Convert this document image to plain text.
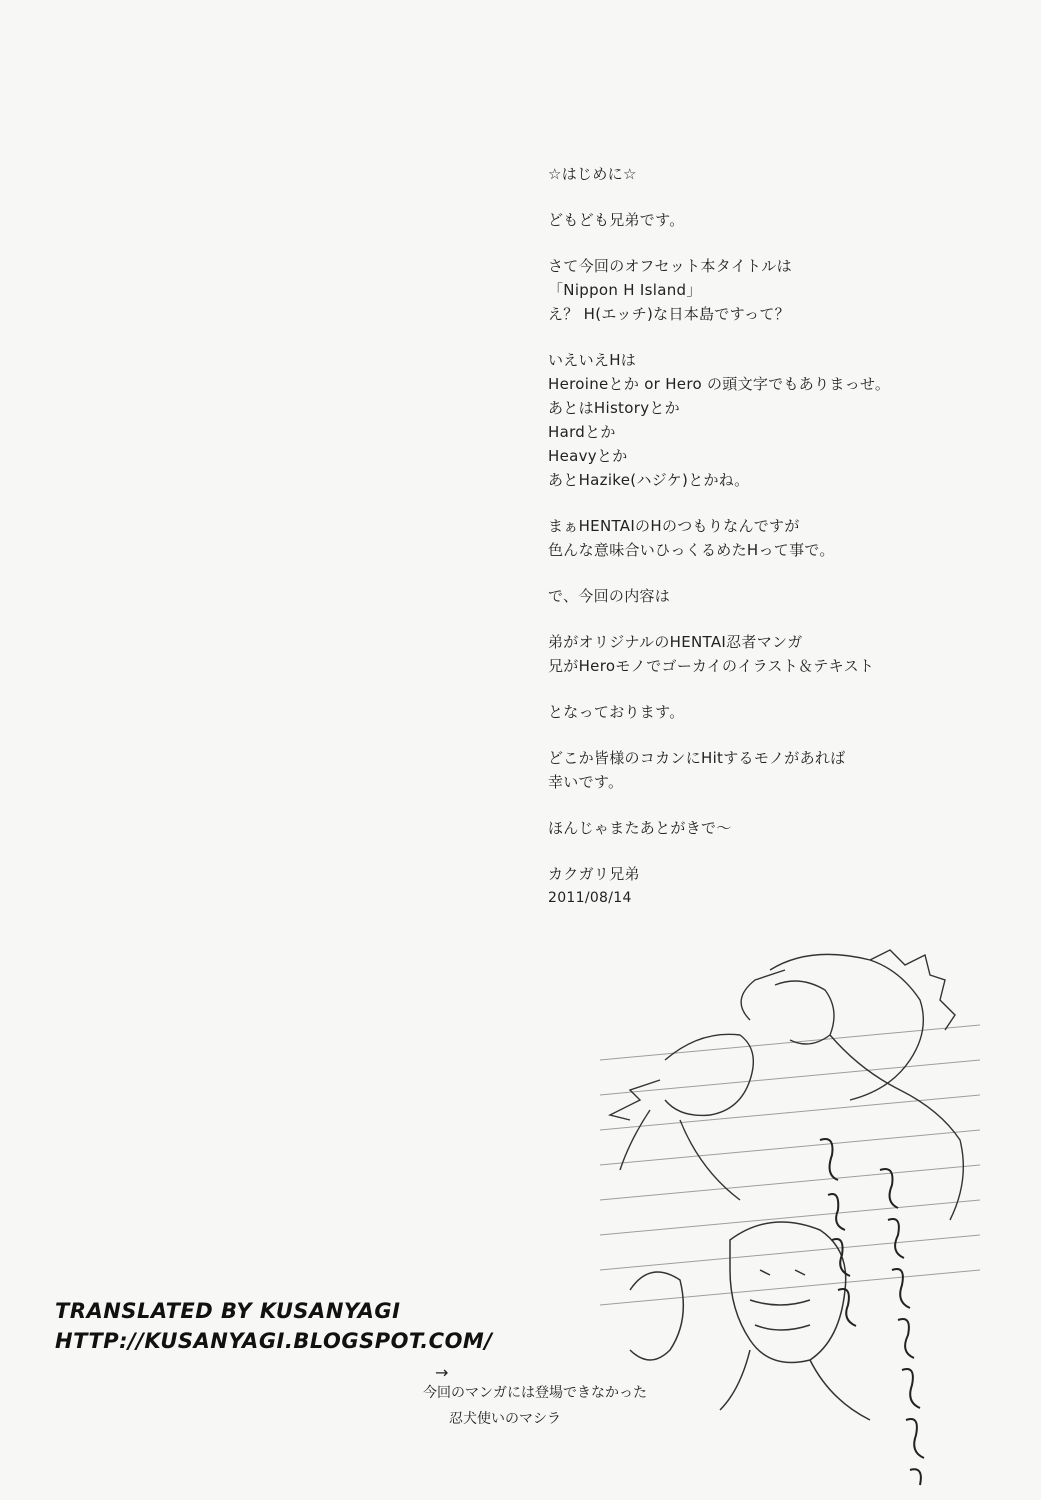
☆はじめに☆
どもども兄弟です。
さて今回のオフセット本タイトルは
「Nippon H Island」
え？ H(エッチ)な日本島ですって？
いえいえHは
Heroineとか or Hero の頭文字でもありまっせ。
あとはHistoryとか
Hardとか
Heavyとか
あとHazike(ハジケ)とかね。
まぁHENTAIのHのつもりなんですが
色んな意味合いひっくるめたHって事で。
で、今回の内容は
弟がオリジナルのHENTAI忍者マンガ
兄がHeroモノでゴーカイのイラスト＆テキスト
となっております。
どこか皆様のコカンにHitするモノがあれば
幸いです。
ほんじゃまたあとがきで～
カクガリ兄弟
2011/08/14
TRANSLATED BY KUSANYAGI
HTTP://KUSANYAGI.BLOGSPOT.COM/
→
今回のマンガには登場できなかった
忍犬使いのマシラ
